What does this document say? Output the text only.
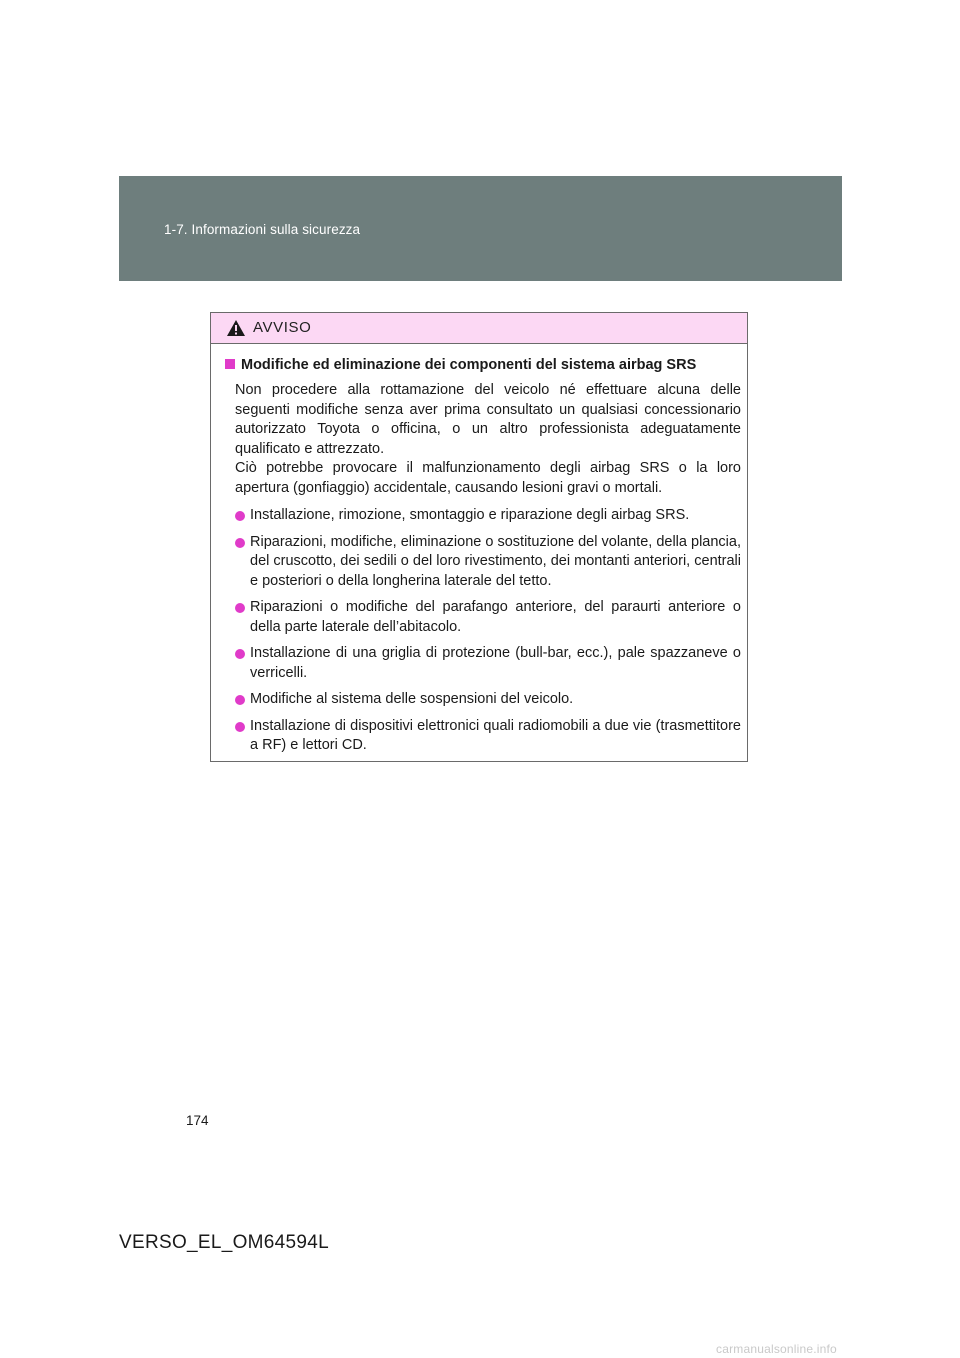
1-7. Informazioni sulla sicurezza
AVVISO
Modifiche ed eliminazione dei componenti del sistema airbag SRS

Non procedere alla rottamazione del veicolo né effettuare alcuna delle seguenti modifiche senza aver prima consultato un qualsiasi concessionario autorizzato Toyota o officina, o un altro professionista adeguatamente qualificato e attrezzato.
Ciò potrebbe provocare il malfunzionamento degli airbag SRS o la loro apertura (gonfiaggio) accidentale, causando lesioni gravi o mortali.

Installazione, rimozione, smontaggio e riparazione degli airbag SRS.
Riparazioni, modifiche, eliminazione o sostituzione del volante, della plancia, del cruscotto, dei sedili o del loro rivestimento, dei montanti anteriori, centrali e posteriori o della longherina laterale del tetto.
Riparazioni o modifiche del parafango anteriore, del paraurti anteriore o della parte laterale dell’abitacolo.
Installazione di una griglia di protezione (bull-bar, ecc.), pale spazzaneve o verricelli.
Modifiche al sistema delle sospensioni del veicolo.
Installazione di dispositivi elettronici quali radiomobili a due vie (trasmettitore a RF) e lettori CD.
174
VERSO_EL_OM64594L
carmanualsonline.info
